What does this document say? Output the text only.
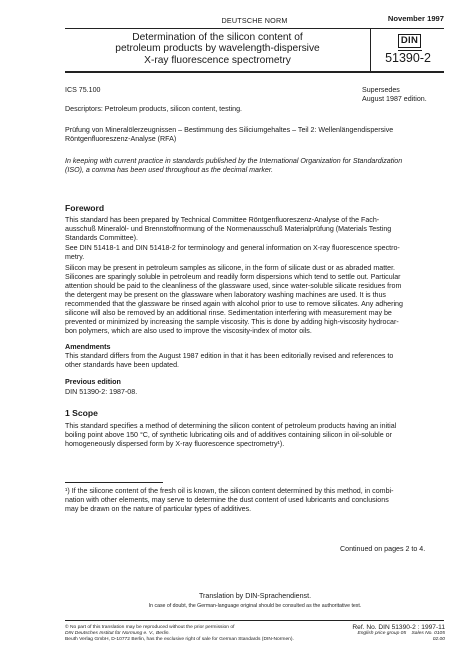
DEUTSCHE NORM	November 1997
Determination of the silicon content of
petroleum products by wavelength-dispersive
X-ray fluorescence spectrometry
DIN
51390-2
ICS 75.100	Supersedes
August 1987 edition.
Descriptors: Petroleum products, silicon content, testing.
Prüfung von Mineralölerzeugnissen – Bestimmung des Siliciumgehaltes – Teil 2: Wellenlängendispersive
Röntgenfluoreszenz-Analyse (RFA)
In keeping with current practice in standards published by the International Organization for Standardization
(ISO), a comma has been used throughout as the decimal marker.
Foreword
This standard has been prepared by Technical Committee Röntgenfluoreszenz-Analyse of the Fach-
ausschuß Mineralöl- und Brennstoffnormung of the Normenausschuß Materialprüfung (Materials Testing
Standards Committee).
See DIN 51418-1 and DIN 51418-2 for terminology and general information on X-ray fluorescence spectro-
metry.
Silicon may be present in petroleum samples as silicone, in the form of silicate dust or as abraded matter.
Silicones are sparingly soluble in petroleum and readily form dispersions which tend to settle out. Particular
attention should be paid to the cleanliness of the glassware used, since water-soluble silicate residues from
the detergent may be present on the glassware when laboratory washing machines are used. It is thus
recommended that the glassware be rinsed again with alcohol prior to use to remove silicates. Any adhering
silicone will also be removed by an additional rinse. Sedimentation interfering with measurement may be
prevented or minimized by increasing the sample viscosity. This is done by adding high-viscosity hydrocar-
bon polymers, which are also used to improve the viscosity-index of motor oils.
Amendments
This standard differs from the August 1987 edition in that it has been editorially revised and references to
other standards have been updated.
Previous edition
DIN 51390-2: 1987-08.
1 Scope
This standard specifies a method of determining the silicon content of petroleum products having an initial
boiling point above 150 °C, of synthetic lubricating oils and of additives containing silicon in oil-soluble or
homogeneously dispersed form by X-ray fluorescence spectrometry¹).
¹) If the silicone content of the fresh oil is known, the silicon content determined by this method, in combi-
nation with other elements, may serve to determine the dust content of used lubricants and conclusions
may be drawn on the nature of particular types of additives.
Continued on pages 2 to 4.
Translation by DIN-Sprachendienst.
In case of doubt, the German-language original should be consulted as the authoritative text.
© No part of this translation may be reproduced without the prior permission of
DIN Deutsches Institut für Normung e. V., Berlin.
Beuth Verlag GmbH, D-10772 Berlin, has the exclusive right of sale for German Standards (DIN-Normen).
Ref. No. DIN 51390-2 : 1997-11
English price group 05 Sales No. 0105
02.00
